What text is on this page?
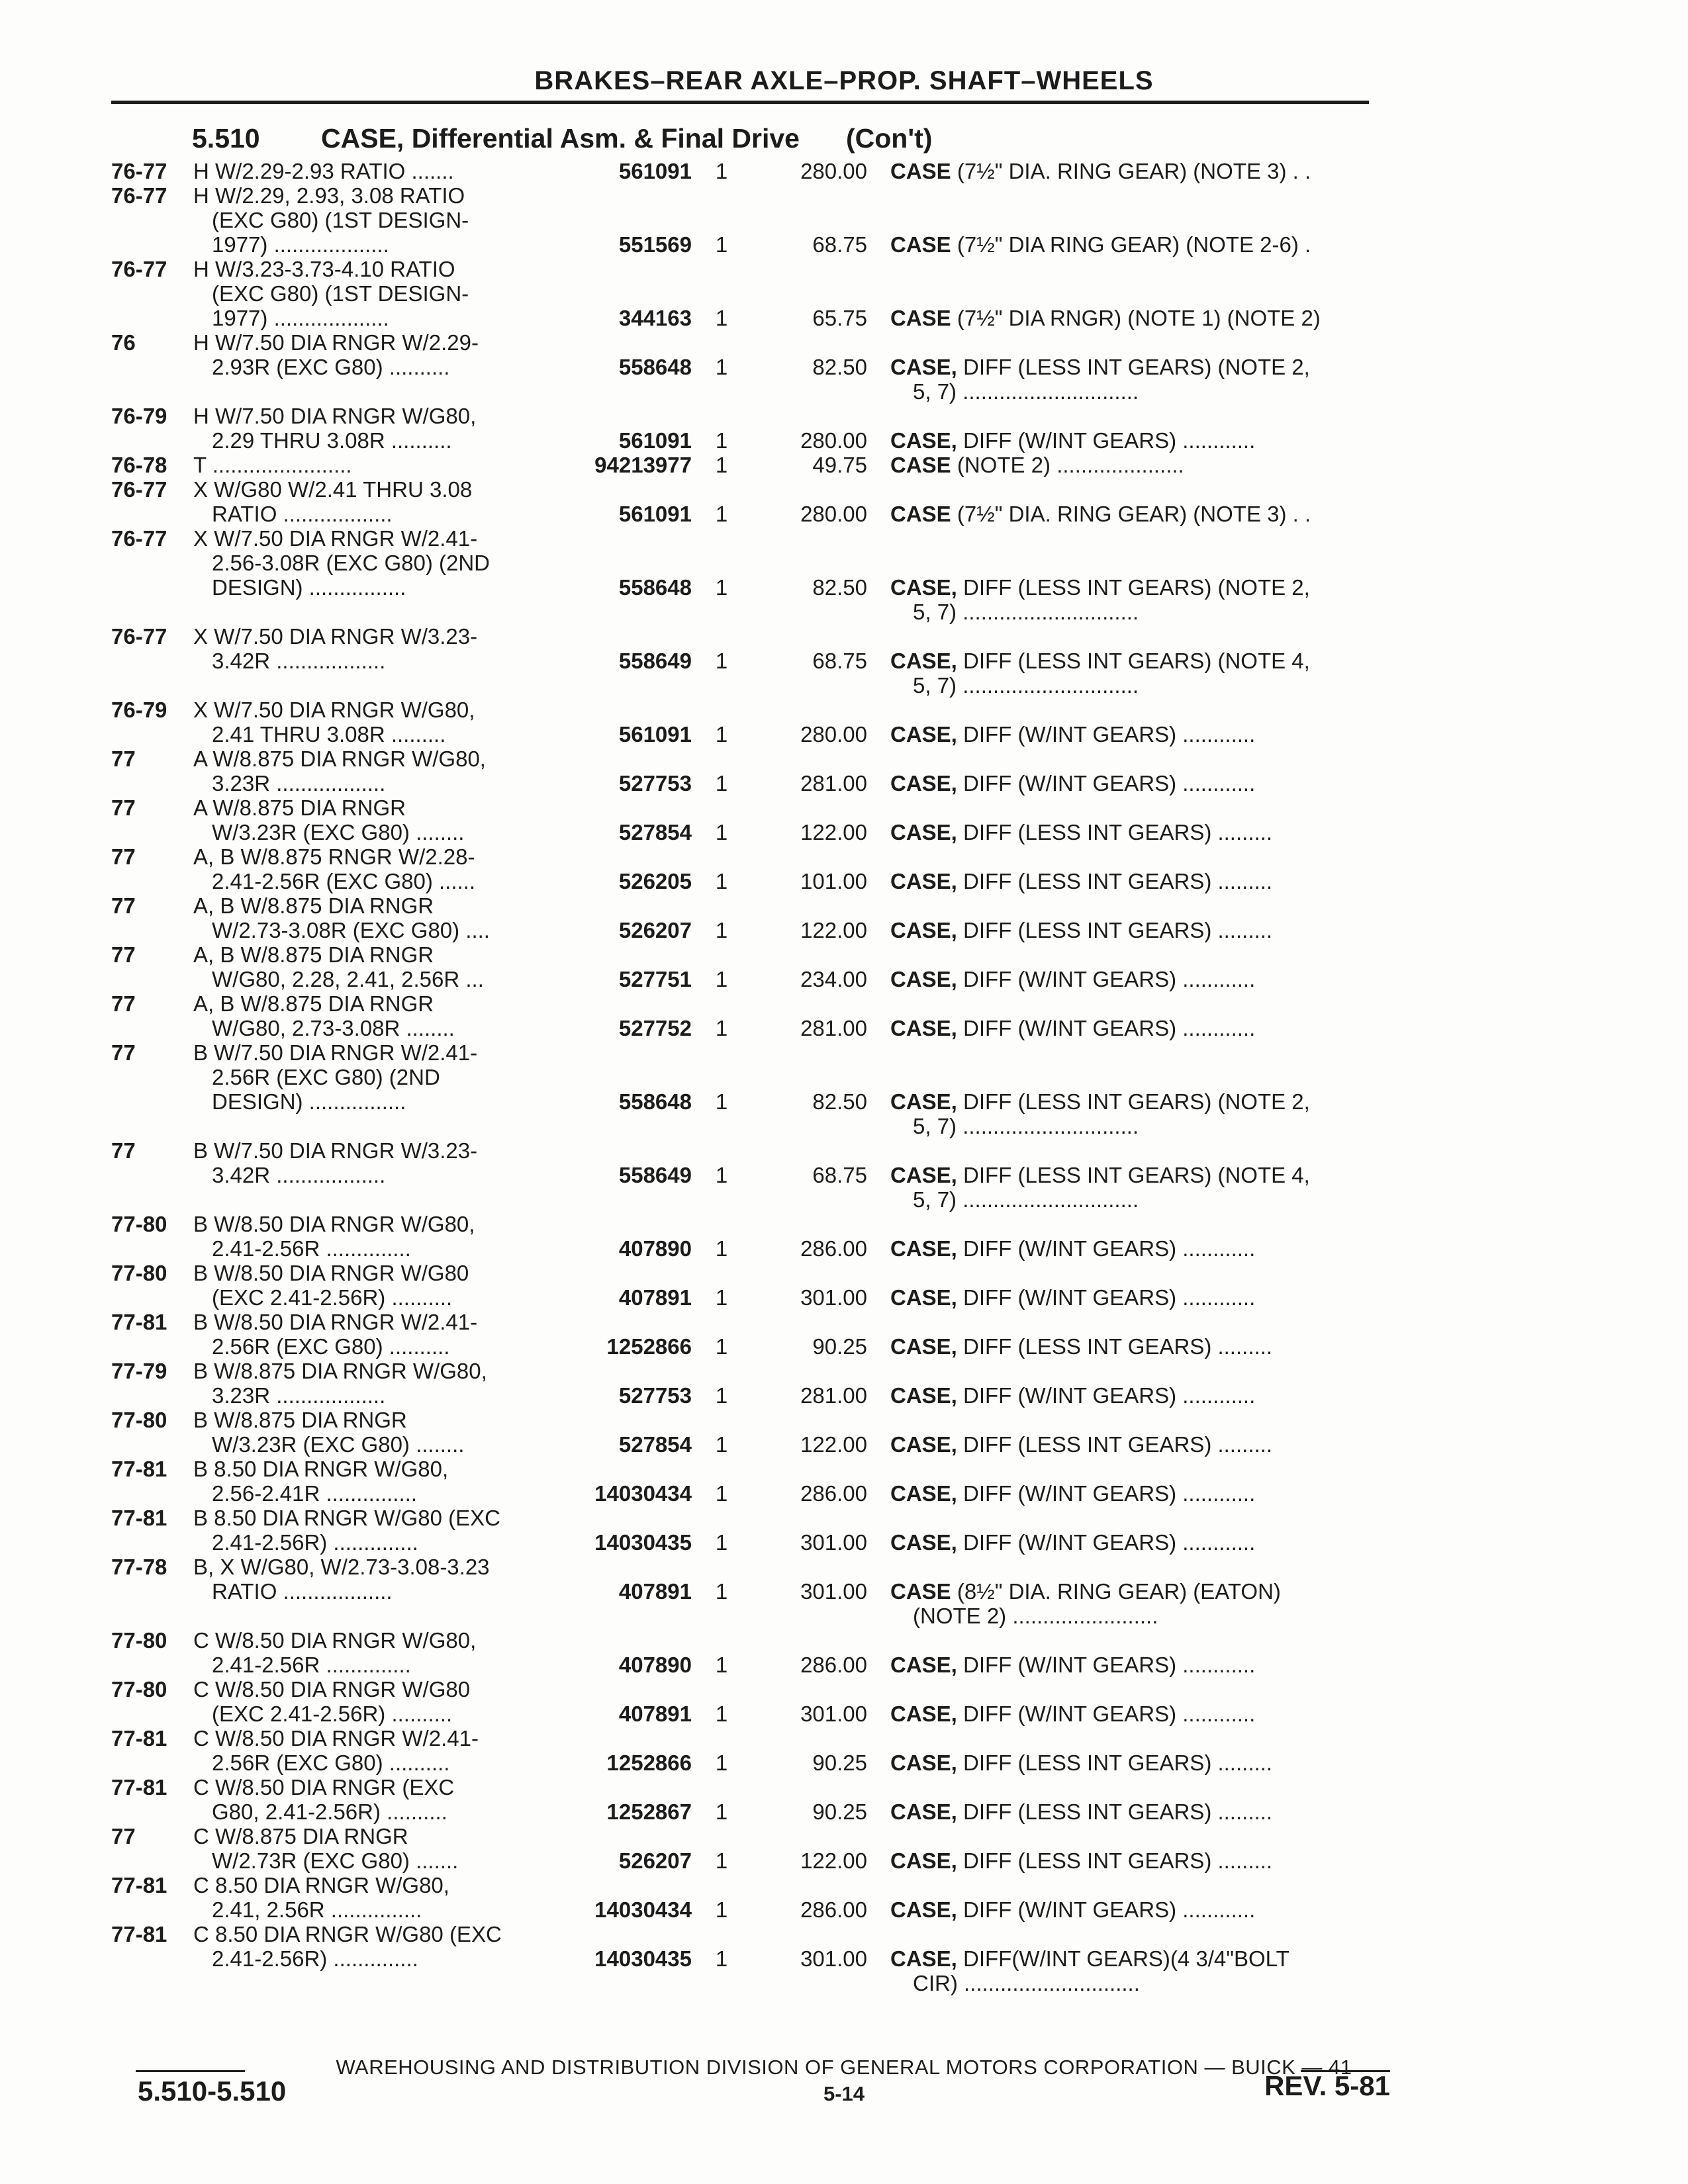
BRAKES–REAR AXLE–PROP. SHAFT–WHEELS
5.510 CASE, Differential Asm. & Final Drive (Con't)
76-77	H W/2.29-2.93 RATIO .......	561091 1	280.00 CASE (7½" DIA. RING GEAR) (NOTE 3) . .
76-77	H W/2.29, 2.93, 3.08 RATIO
(EXC G80) (1ST DESIGN-
1977) ...................	551569 1	68.75 CASE (7½" DIA RING GEAR) (NOTE 2-6) .
76-77	H W/3.23-3.73-4.10 RATIO
(EXC G80) (1ST DESIGN-
1977) ...................	344163 1	65.75 CASE (7½" DIA RNGR) (NOTE 1) (NOTE 2)
76	H W/7.50 DIA RNGR W/2.29-
2.93R (EXC G80) ..........	558648 1	82.50 CASE, DIFF (LESS INT GEARS) (NOTE 2,
5, 7) .............................
76-79	H W/7.50 DIA RNGR W/G80,
2.29 THRU 3.08R ..........	561091 1	280.00 CASE, DIFF (W/INT GEARS) ............
76-78	T .......................	94213977 1	49.75 CASE (NOTE 2) .....................
76-77	X W/G80 W/2.41 THRU 3.08
RATIO ..................	561091 1	280.00 CASE (7½" DIA. RING GEAR) (NOTE 3) . .
76-77	X W/7.50 DIA RNGR W/2.41-
2.56-3.08R (EXC G80) (2ND
DESIGN) ................	558648 1	82.50 CASE, DIFF (LESS INT GEARS) (NOTE 2,
5, 7) .............................
76-77	X W/7.50 DIA RNGR W/3.23-
3.42R ..................	558649 1	68.75 CASE, DIFF (LESS INT GEARS) (NOTE 4,
5, 7) .............................
76-79	X W/7.50 DIA RNGR W/G80,
2.41 THRU 3.08R .........	561091 1	280.00 CASE, DIFF (W/INT GEARS) ............
77	A W/8.875 DIA RNGR W/G80,
3.23R ..................	527753 1	281.00 CASE, DIFF (W/INT GEARS) ............
77	A W/8.875 DIA RNGR
W/3.23R (EXC G80) ........	527854 1	122.00 CASE, DIFF (LESS INT GEARS) .........
77	A, B W/8.875 RNGR W/2.28-
2.41-2.56R (EXC G80) ......	526205 1	101.00 CASE, DIFF (LESS INT GEARS) .........
77	A, B W/8.875 DIA RNGR
W/2.73-3.08R (EXC G80) ....	526207 1	122.00 CASE, DIFF (LESS INT GEARS) .........
77	A, B W/8.875 DIA RNGR
W/G80, 2.28, 2.41, 2.56R ...	527751 1	234.00 CASE, DIFF (W/INT GEARS) ............
77	A, B W/8.875 DIA RNGR
W/G80, 2.73-3.08R ........	527752 1	281.00 CASE, DIFF (W/INT GEARS) ............
77	B W/7.50 DIA RNGR W/2.41-
2.56R (EXC G80) (2ND
DESIGN) ................	558648 1	82.50 CASE, DIFF (LESS INT GEARS) (NOTE 2,
5, 7) .............................
77	B W/7.50 DIA RNGR W/3.23-
3.42R ..................	558649 1	68.75 CASE, DIFF (LESS INT GEARS) (NOTE 4,
5, 7) .............................
77-80	B W/8.50 DIA RNGR W/G80,
2.41-2.56R ..............	407890 1	286.00 CASE, DIFF (W/INT GEARS) ............
77-80	B W/8.50 DIA RNGR W/G80
(EXC 2.41-2.56R) ..........	407891 1	301.00 CASE, DIFF (W/INT GEARS) ............
77-81	B W/8.50 DIA RNGR W/2.41-
2.56R (EXC G80) ..........	1252866 1	90.25 CASE, DIFF (LESS INT GEARS) .........
77-79	B W/8.875 DIA RNGR W/G80,
3.23R ..................	527753 1	281.00 CASE, DIFF (W/INT GEARS) ............
77-80	B W/8.875 DIA RNGR
W/3.23R (EXC G80) ........	527854 1	122.00 CASE, DIFF (LESS INT GEARS) .........
77-81	B 8.50 DIA RNGR W/G80,
2.56-2.41R ...............	14030434 1	286.00 CASE, DIFF (W/INT GEARS) ............
77-81	B 8.50 DIA RNGR W/G80 (EXC
2.41-2.56R) ..............	14030435 1	301.00 CASE, DIFF (W/INT GEARS) ............
77-78	B, X W/G80, W/2.73-3.08-3.23
RATIO ..................	407891 1	301.00 CASE (8½" DIA. RING GEAR) (EATON)
(NOTE 2) ........................
77-80	C W/8.50 DIA RNGR W/G80,
2.41-2.56R ..............	407890 1	286.00 CASE, DIFF (W/INT GEARS) ............
77-80	C W/8.50 DIA RNGR W/G80
(EXC 2.41-2.56R) ..........	407891 1	301.00 CASE, DIFF (W/INT GEARS) ............
77-81	C W/8.50 DIA RNGR W/2.41-
2.56R (EXC G80) ..........	1252866 1	90.25 CASE, DIFF (LESS INT GEARS) .........
77-81	C W/8.50 DIA RNGR (EXC
G80, 2.41-2.56R) ..........	1252867 1	90.25 CASE, DIFF (LESS INT GEARS) .........
77	C W/8.875 DIA RNGR
W/2.73R (EXC G80) .......	526207 1	122.00 CASE, DIFF (LESS INT GEARS) .........
77-81	C 8.50 DIA RNGR W/G80,
2.41, 2.56R ...............	14030434 1	286.00 CASE, DIFF (W/INT GEARS) ............
77-81	C 8.50 DIA RNGR W/G80 (EXC
2.41-2.56R) ..............	14030435 1	301.00 CASE, DIFF(W/INT GEARS)(4 3/4"BOLT
CIR) .............................
WAREHOUSING AND DISTRIBUTION DIVISION OF GENERAL MOTORS CORPORATION — BUICK — 41
5.510-5.510	5-14	REV. 5-81
